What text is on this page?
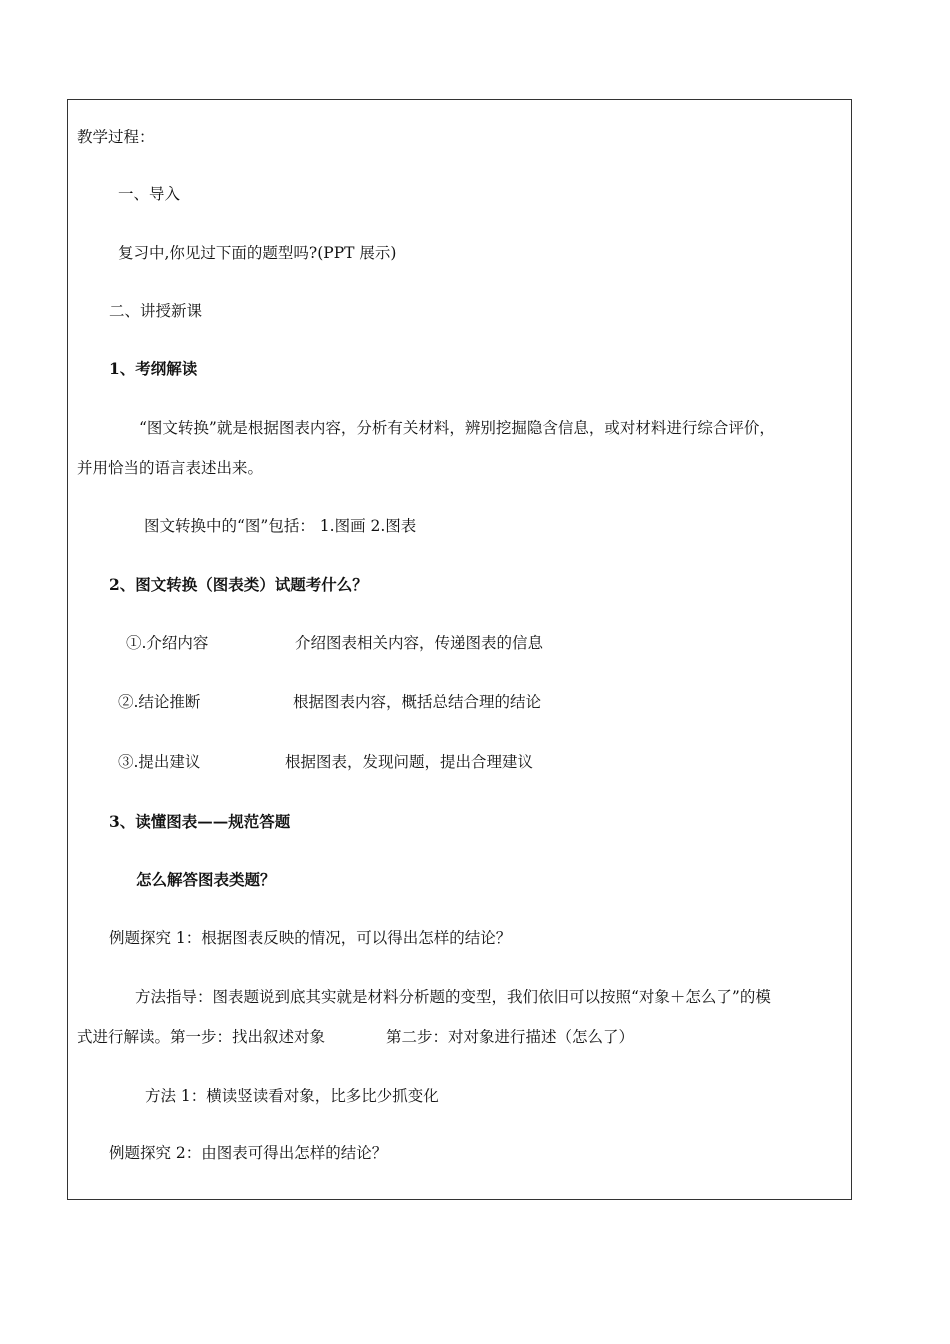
教学过程：
一、导入
复习中,你见过下面的题型吗?(PPT 展示)
二、讲授新课
1、考纲解读
“图文转换”就是根据图表内容，分析有关材料，辨别挖掘隐含信息，或对材料进行综合评价，
并用恰当的语言表述出来。
图文转换中的“图”包括： 1.图画 2.图表
2、图文转换（图表类）试题考什么？
①.介绍内容	介绍图表相关内容，传递图表的信息
②.结论推断	根据图表内容，概括总结合理的结论
③.提出建议	根据图表，发现问题，提出合理建议
3、读懂图表——规范答题
怎么解答图表类题？
例题探究 1：根据图表反映的情况，可以得出怎样的结论？
方法指导：图表题说到底其实就是材料分析题的变型，我们依旧可以按照“对象＋怎么了”的模
式进行解读。第一步：找出叙述对象	第二步：对对象进行描述（怎么了）
方法 1：横读竖读看对象，比多比少抓变化
例题探究 2：由图表可得出怎样的结论？
